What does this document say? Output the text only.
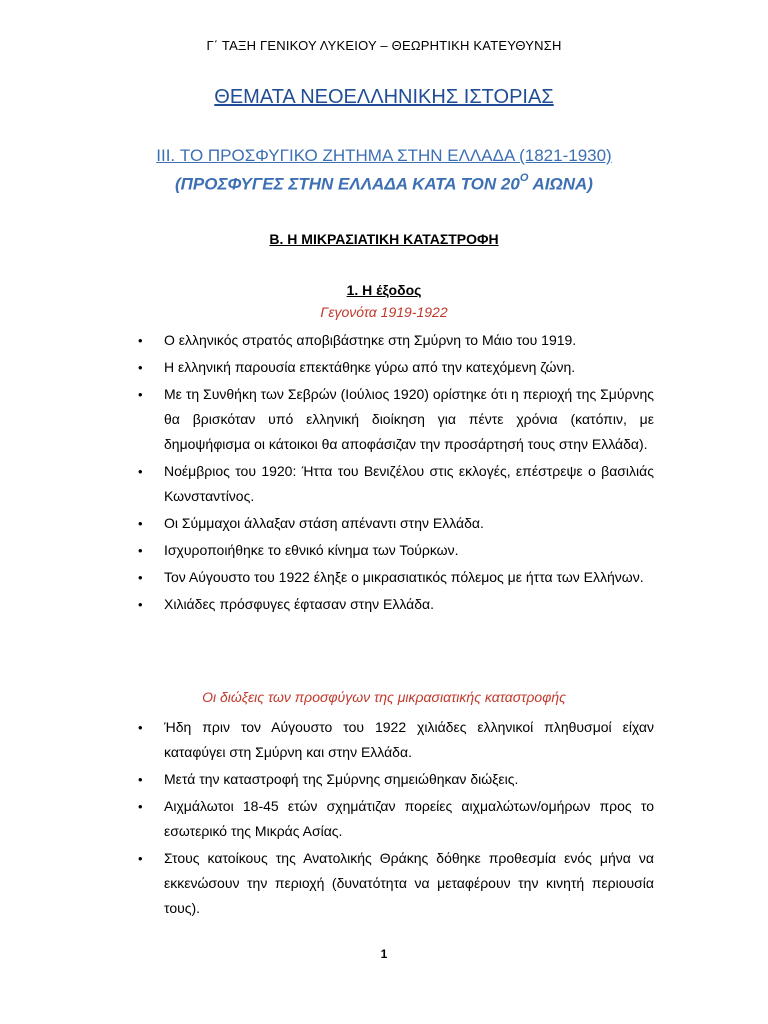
Γ΄ ΤΑΞΗ ΓΕΝΙΚΟΥ ΛΥΚΕΙΟΥ – ΘΕΩΡΗΤΙΚΗ ΚΑΤΕΥΘΥΝΣΗ
ΘΕΜΑΤΑ ΝΕΟΕΛΛΗΝΙΚΗΣ ΙΣΤΟΡΙΑΣ
III. ΤΟ ΠΡΟΣΦΥΓΙΚΟ ΖΗΤΗΜΑ ΣΤΗΝ ΕΛΛΑΔΑ (1821-1930)
(ΠΡΟΣΦΥΓΕΣ ΣΤΗΝ ΕΛΛΑΔΑ ΚΑΤΑ ΤΟΝ $20^O$ ΑΙΩΝΑ)
Β. Η ΜΙΚΡΑΣΙΑΤΙΚΗ ΚΑΤΑΣΤΡΟΦΗ
1. Η έξοδος
Γεγονότα 1919-1922
• Ο ελληνικός στρατός αποβιβάστηκε στη Σμύρνη το Μάιο του 1919.
• Η ελληνική παρουσία επεκτάθηκε γύρω από την κατεχόμενη ζώνη.
• Με τη Συνθήκη των Σεβρών (Ιούλιος 1920) ορίστηκε ότι η περιοχή της Σμύρνης θα βρισκόταν υπό ελληνική διοίκηση για πέντε χρόνια (κατόπιν, με δημοψήφισμα οι κάτοικοι θα αποφάσιζαν την προσάρτησή τους στην Ελλάδα).
• Νοέμβριος του 1920: Ήττα του Βενιζέλου στις εκλογές, επέστρεψε ο βασιλιάς Κωνσταντίνος.
• Οι Σύμμαχοι άλλαξαν στάση απέναντι στην Ελλάδα.
• Ισχυροποιήθηκε το εθνικό κίνημα των Τούρκων.
• Τον Αύγουστο του 1922 έληξε ο μικρασιατικός πόλεμος με ήττα των Ελλήνων.
• Χιλιάδες πρόσφυγες έφτασαν στην Ελλάδα.
Οι διώξεις των προσφύγων της μικρασιατικής καταστροφής
• Ήδη πριν τον Αύγουστο του 1922 χιλιάδες ελληνικοί πληθυσμοί είχαν καταφύγει στη Σμύρνη και στην Ελλάδα.
• Μετά την καταστροφή της Σμύρνης σημειώθηκαν διώξεις.
• Αιχμάλωτοι 18-45 ετών σχημάτιζαν πορείες αιχμαλώτων/ομήρων προς το εσωτερικό της Μικράς Ασίας.
• Στους κατοίκους της Ανατολικής Θράκης δόθηκε προθεσμία ενός μήνα να εκκενώσουν την περιοχή (δυνατότητα να μεταφέρουν την κινητή περιουσία τους).
1
